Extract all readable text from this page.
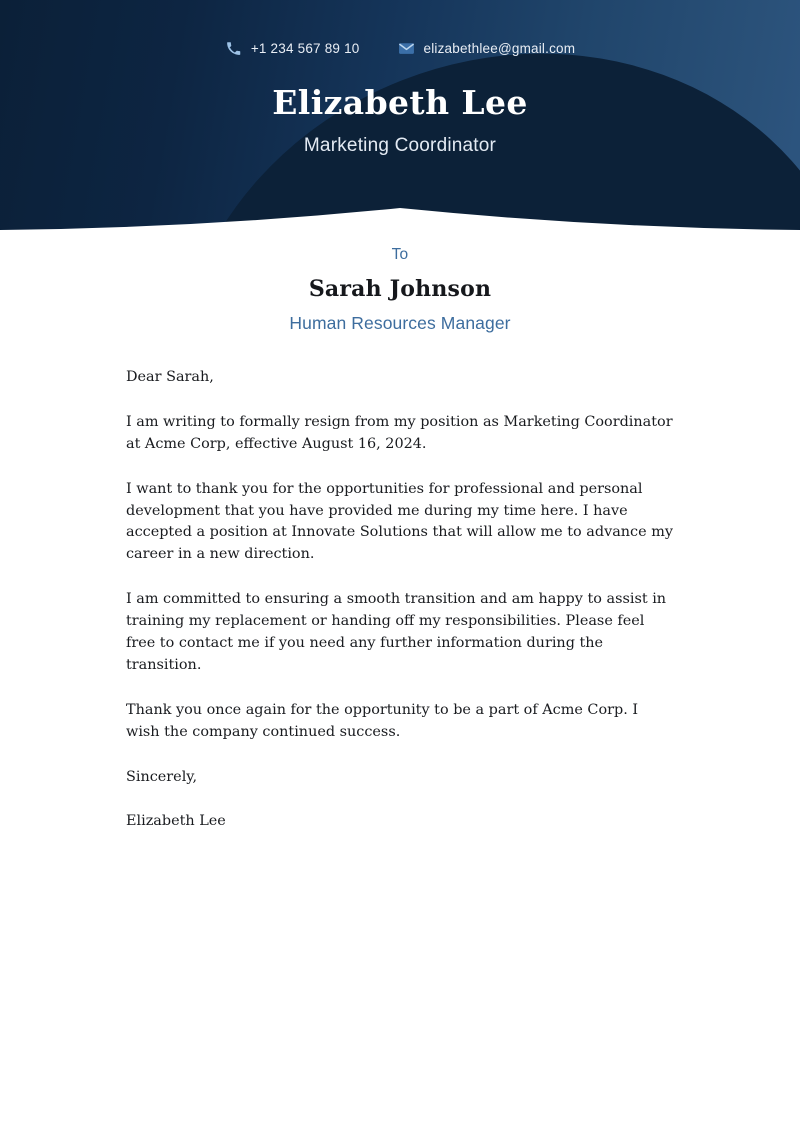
+1 234 567 89 10	elizabethlee@gmail.com
Elizabeth Lee
Marketing Coordinator
To
Sarah Johnson
Human Resources Manager

Dear Sarah,

I am writing to formally resign from my position as Marketing Coordinator at Acme Corp, effective August 16, 2024.

I want to thank you for the opportunities for professional and personal development that you have provided me during my time here. I have accepted a position at Innovate Solutions that will allow me to advance my career in a new direction.

I am committed to ensuring a smooth transition and am happy to assist in training my replacement or handing off my responsibilities. Please feel free to contact me if you need any further information during the transition.

Thank you once again for the opportunity to be a part of Acme Corp. I wish the company continued success.

Sincerely,

Elizabeth Lee
